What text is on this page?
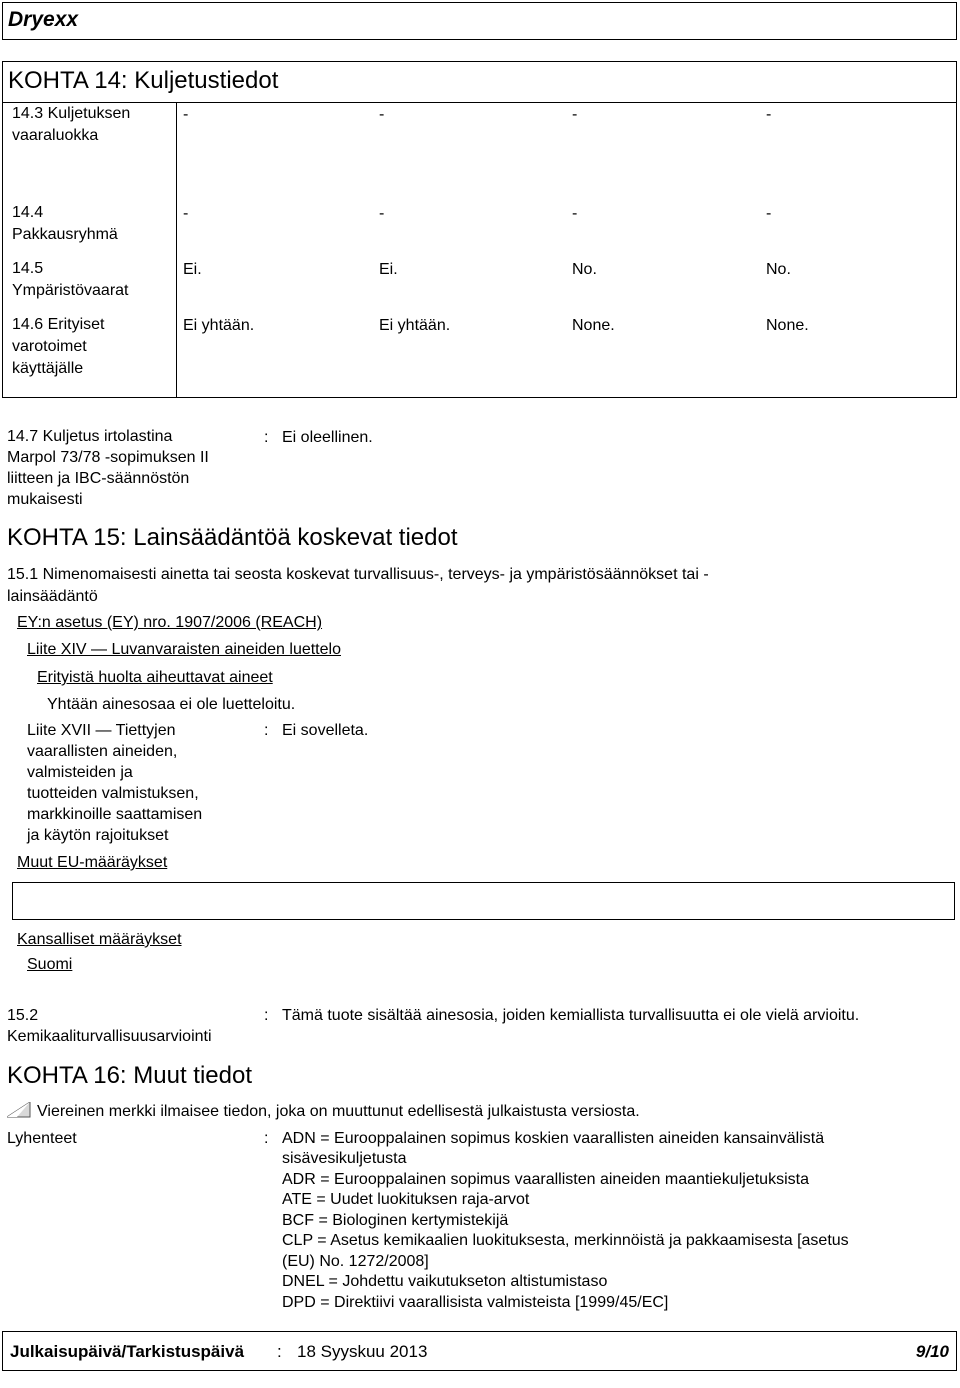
Dryexx
KOHTA 14: Kuljetustiedot
14.3 Kuljetuksen
vaaraluokka
-	-	-	-
14.4
Pakkausryhmä
-	-	-	-
14.5
Ympäristövaarat
Ei.	Ei.	No.	No.
14.6 Erityiset
varotoimet
käyttäjälle
Ei yhtään.	Ei yhtään.	None.	None.
14.7 Kuljetus irtolastina
Marpol 73/78 -sopimuksen II
liitteen ja IBC-säännöstön
mukaisesti
: Ei oleellinen.
KOHTA 15: Lainsäädäntöä koskevat tiedot
15.1 Nimenomaisesti ainetta tai seosta koskevat turvallisuus-, terveys- ja ympäristösäännökset tai -
lainsäädäntö
EY:n asetus (EY) nro. 1907/2006 (REACH)
Liite XIV — Luvanvaraisten aineiden luettelo
Erityistä huolta aiheuttavat aineet
Yhtään ainesosaa ei ole luetteloitu.
Liite XVII — Tiettyjen
vaarallisten aineiden,
valmisteiden ja
tuotteiden valmistuksen,
markkinoille saattamisen
ja käytön rajoitukset
: Ei sovelleta.
Muut EU-määräykset
Kansalliset määräykset
Suomi
15.2
Kemikaaliturvallisuusarviointi
: Tämä tuote sisältää ainesosia, joiden kemiallista turvallisuutta ei ole vielä arvioitu.
KOHTA 16: Muut tiedot
Viereinen merkki ilmaisee tiedon, joka on muuttunut edellisestä julkaistusta versiosta.
Lyhenteet	: ADN = Eurooppalainen sopimus koskien vaarallisten aineiden kansainvälistä
sisävesikuljetusta
ADR = Eurooppalainen sopimus vaarallisten aineiden maantiekuljetuksista
ATE = Uudet luokituksen raja-arvot
BCF = Biologinen kertymistekijä
CLP = Asetus kemikaalien luokituksesta, merkinnöistä ja pakkaamisesta [asetus
(EU) No. 1272/2008]
DNEL = Johdettu vaikutukseton altistumistaso
DPD = Direktiivi vaarallisista valmisteista [1999/45/EC]
Julkaisupäivä/Tarkistuspäivä : 18 Syyskuu 2013	9/10
